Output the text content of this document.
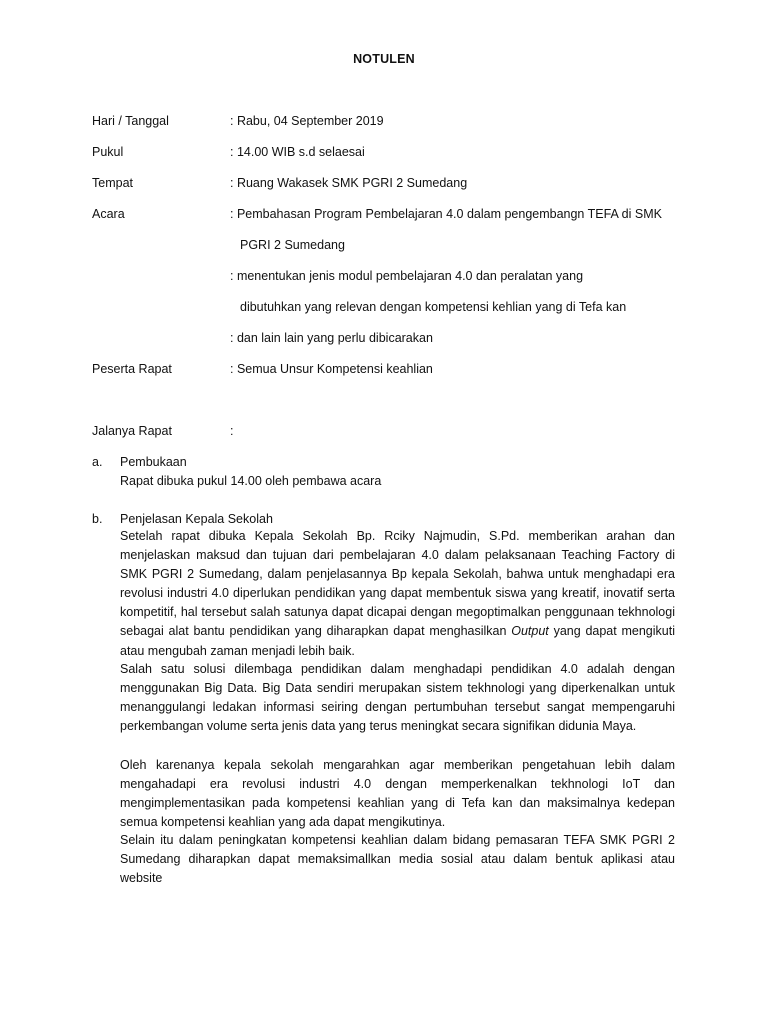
NOTULEN
Hari / Tanggal	: Rabu, 04 September 2019
Pukul	: 14.00 WIB s.d selaesai
Tempat	: Ruang Wakasek SMK PGRI 2 Sumedang
Acara	: Pembahasan Program Pembelajaran 4.0 dalam pengembangn TEFA di SMK
PGRI 2 Sumedang
: menentukan jenis modul pembelajaran 4.0 dan peralatan yang
dibutuhkan yang relevan dengan kompetensi kehlian yang di Tefa kan
: dan lain lain yang perlu dibicarakan
Peserta Rapat	: Semua Unsur Kompetensi keahlian
Jalanya Rapat	:
a. Pembukaan
Rapat dibuka pukul 14.00 oleh pembawa acara
b. Penjelasan Kepala Sekolah

Setelah rapat dibuka Kepala Sekolah Bp. Rciky Najmudin, S.Pd. memberikan arahan dan menjelaskan maksud dan tujuan dari pembelajaran 4.0 dalam pelaksanaan Teaching Factory di SMK PGRI 2 Sumedang, dalam penjelasannya Bp kepala Sekolah, bahwa untuk menghadapi era revolusi industri 4.0 diperlukan pendidikan yang dapat membentuk siswa yang kreatif, inovatif serta kompetitif, hal tersebut salah satunya dapat dicapai dengan megoptimalkan penggunaan tekhnologi sebagai alat bantu pendidikan yang diharapkan dapat menghasilkan Output yang dapat mengikuti atau mengubah zaman menjadi lebih baik.

Salah satu solusi dilembaga pendidikan dalam menghadapi pendidikan 4.0 adalah dengan menggunakan Big Data. Big Data sendiri merupakan sistem tekhnologi yang diperkenalkan untuk menanggulangi ledakan informasi seiring dengan pertumbuhan tersebut sangat mempengaruhi perkembangan volume serta jenis data yang terus meningkat secara signifikan didunia Maya.

Oleh karenanya kepala sekolah mengarahkan agar memberikan pengetahuan lebih dalam mengahadapi era revolusi industri 4.0 dengan memperkenalkan tekhnologi IoT dan mengimplementasikan pada kompetensi keahlian yang di Tefa kan dan maksimalnya kedepan semua kompetensi keahlian yang ada dapat mengikutinya.

Selain itu dalam peningkatan kompetensi keahlian dalam bidang pemasaran TEFA SMK PGRI 2 Sumedang diharapkan dapat memaksimallkan media sosial atau dalam bentuk aplikasi atau website
